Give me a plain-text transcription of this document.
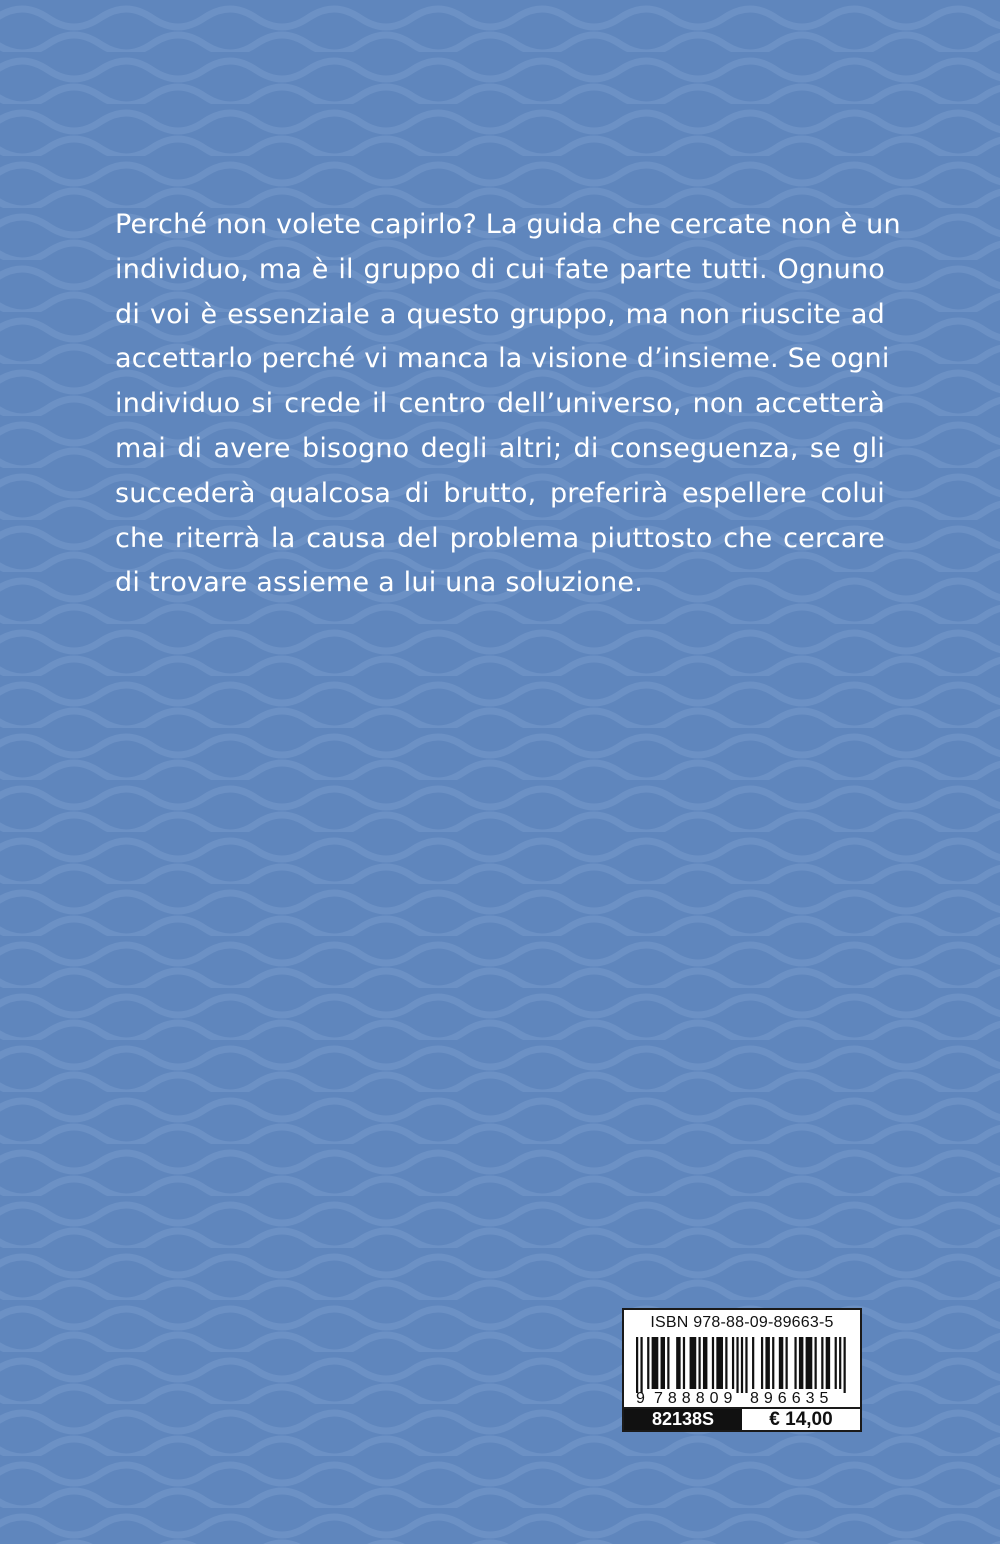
Perché non volete capirlo? La guida che cercate non è un
individuo, ma è il gruppo di cui fate parte tutti. Ognuno
di voi è essenziale a questo gruppo, ma non riuscite ad
accettarlo perché vi manca la visione d’insieme. Se ogni
individuo si crede il centro dell’universo, non accetterà
mai di avere bisogno degli altri; di conseguenza, se gli
succederà qualcosa di brutto, preferirà espellere colui
che riterrà la causa del problema piuttosto che cercare
di trovare assieme a lui una soluzione.
ISBN 978-88-09-89663-5
9 788809 896635
82138S	€ 14,00
